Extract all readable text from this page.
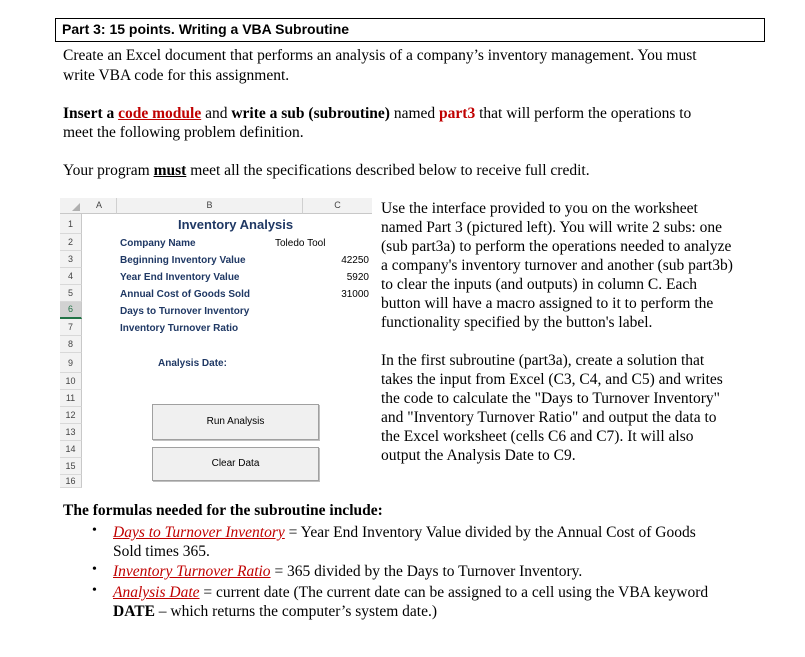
Part 3: 15 points. Writing a VBA Subroutine
Create an Excel document that performs an analysis of a company’s inventory management. You must
write VBA code for this assignment.
Insert a code module and write a sub (subroutine) named part3 that will perform the operations to
meet the following problem definition.
Your program must meet all the specifications described below to receive full credit.
A	B	C
1
2
3
4
5
6
7
8
9
10
11
12
13
14
15
16
Inventory Analysis
Company Name
Beginning Inventory Value
Year End Inventory Value
Annual Cost of Goods Sold
Days to Turnover Inventory
Inventory Turnover Ratio
Toledo Tool
42250
5920
31000
Analysis Date:
Run Analysis
Clear Data
Use the interface provided to you on the worksheet
named Part 3 (pictured left). You will write 2 subs: one
(sub part3a) to perform the operations needed to analyze
a company's inventory turnover and another (sub part3b)
to clear the inputs (and outputs) in column C. Each
button will have a macro assigned to it to perform the
functionality specified by the button's label.
In the first subroutine (part3a), create a solution that
takes the input from Excel (C3, C4, and C5) and writes
the code to calculate the "Days to Turnover Inventory"
and "Inventory Turnover Ratio" and output the data to
the Excel worksheet (cells C6 and C7). It will also
output the Analysis Date to C9.
The formulas needed for the subroutine include:
• Days to Turnover Inventory = Year End Inventory Value divided by the Annual Cost of Goods
Sold times 365.
• Inventory Turnover Ratio = 365 divided by the Days to Turnover Inventory.
• Analysis Date = current date (The current date can be assigned to a cell using the VBA keyword
DATE – which returns the computer’s system date.)
